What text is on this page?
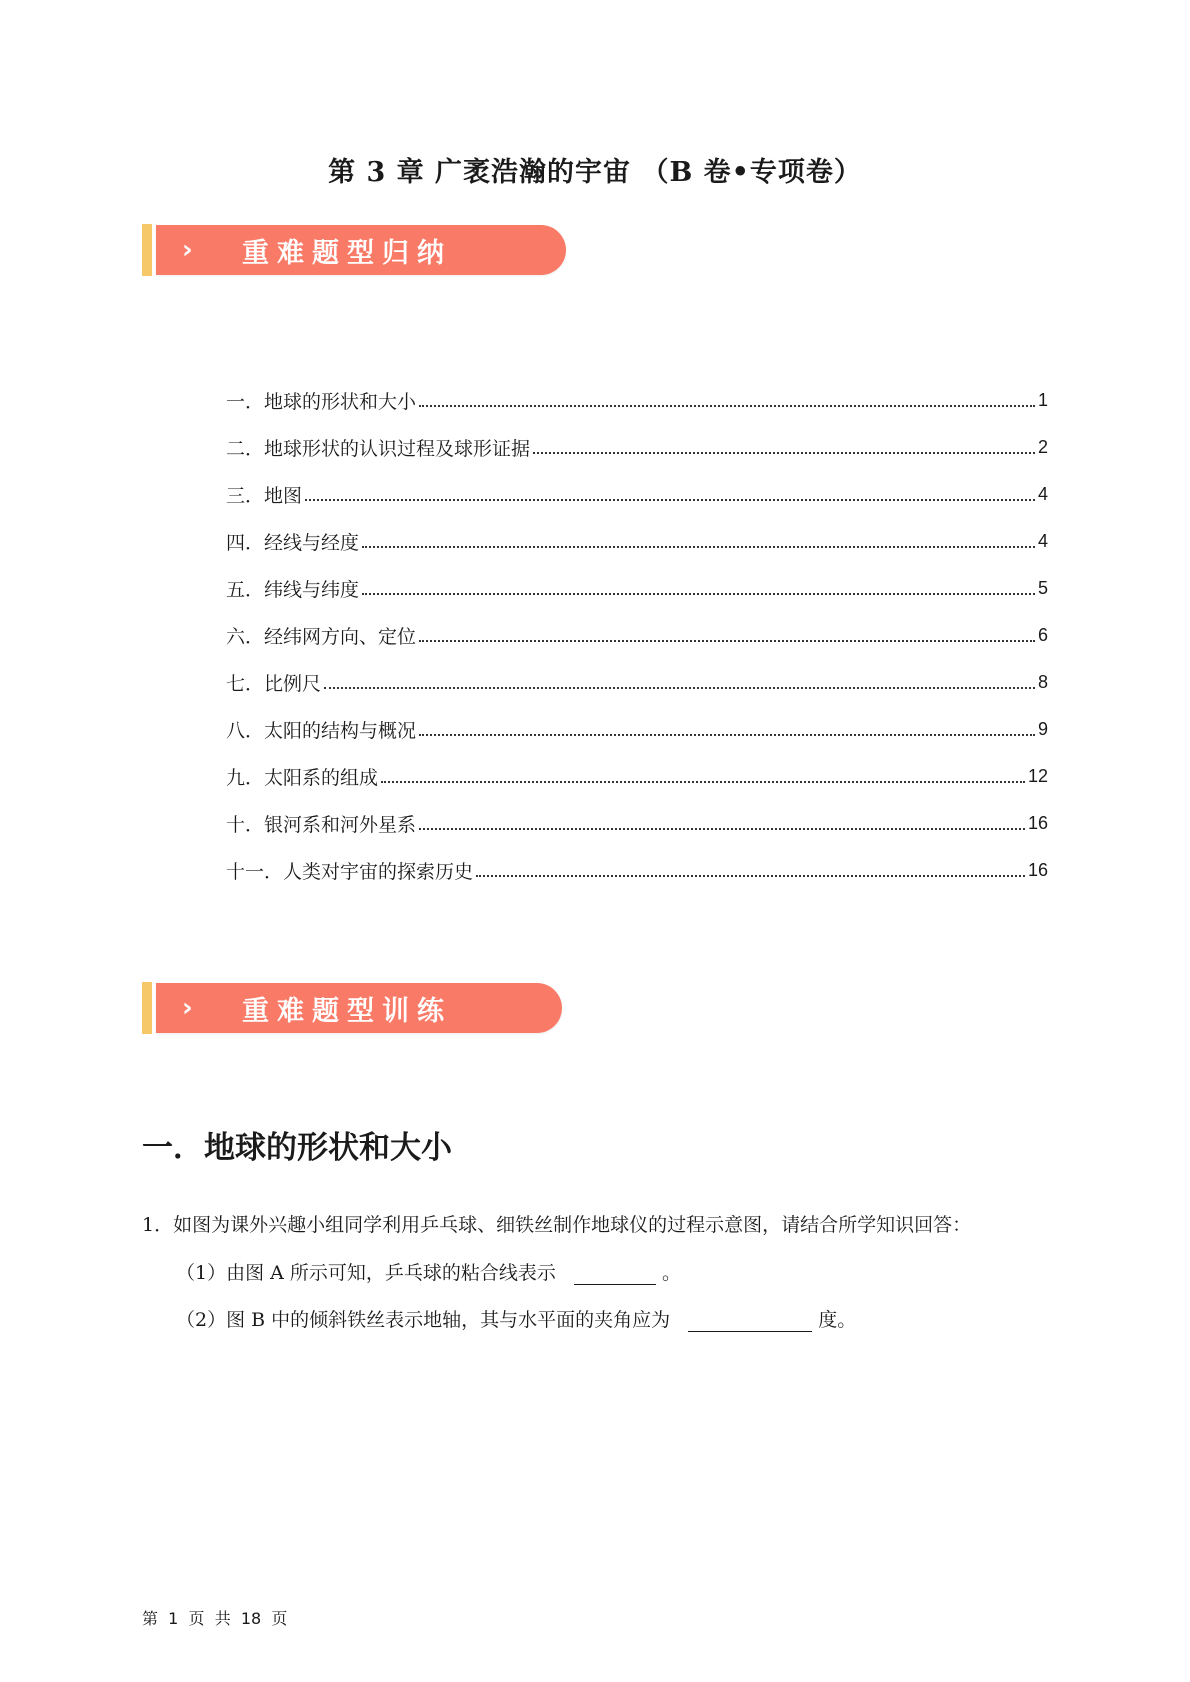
第 3 章 广袤浩瀚的宇宙 （B 卷•专项卷）
›	重难题型归纳
一．地球的形状和大小	1
二．地球形状的认识过程及球形证据	2
三．地图	4
四．经线与经度	4
五．纬线与纬度	5
六．经纬网方向、定位	6
七．比例尺	8
八．太阳的结构与概况	9
九．太阳系的组成	12
十．银河系和河外星系	16
十一．人类对宇宙的探索历史	16
›	重难题型训练
一．地球的形状和大小

1．如图为课外兴趣小组同学利用乒乓球、细铁丝制作地球仪的过程示意图，请结合所学知识回答：

（1）由图 A 所示可知，乒乓球的粘合线表示	。

（2）图 B 中的倾斜铁丝表示地轴，其与水平面的夹角应为	度。

第  1  页  共  18  页
